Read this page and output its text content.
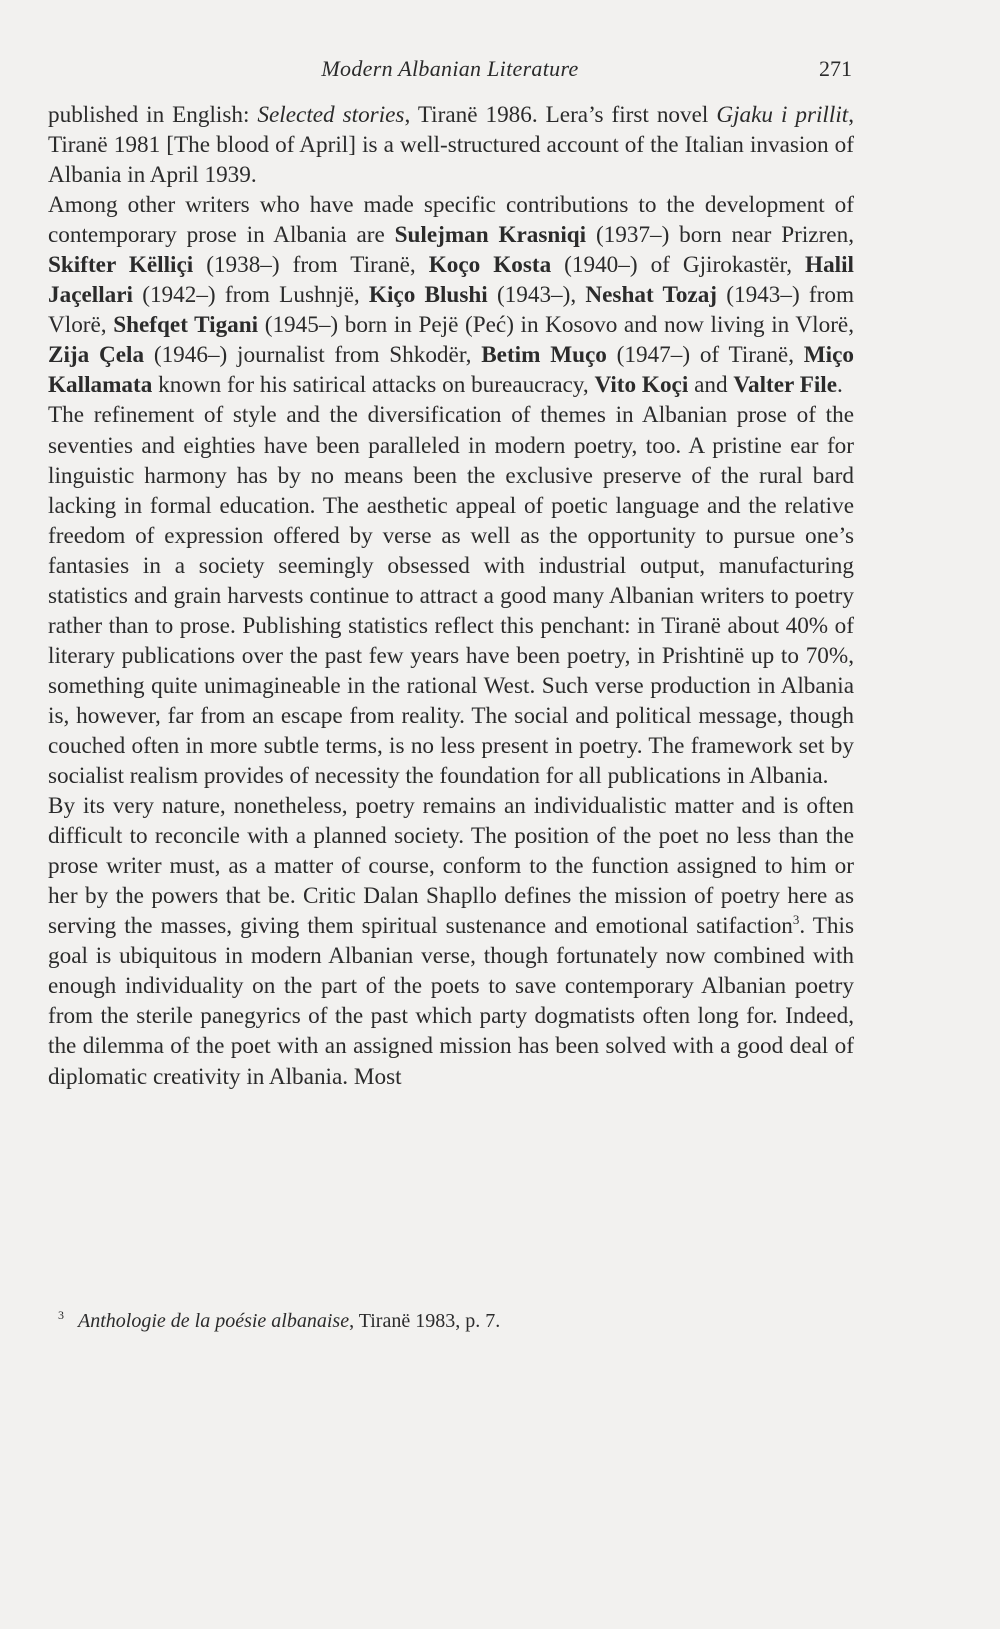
Modern Albanian Literature	271

published in English: Selected stories, Tiranë 1986. Lera’s first novel Gjaku i prillit, Tiranë 1981 [The blood of April] is a well-structured account of the Italian invasion of Albania in April 1939.

Among other writers who have made specific contributions to the development of contemporary prose in Albania are Sulejman Krasniqi (1937–) born near Prizren, Skifter Këlliçi (1938–) from Tiranë, Koço Kosta (1940–) of Gjirokastër, Halil Jaçellari (1942–) from Lushnjë, Kiço Blushi (1943–), Neshat Tozaj (1943–) from Vlorë, Shefqet Tigani (1945–) born in Pejë (Peć) in Kosovo and now living in Vlorë, Zija Çela (1946–) journalist from Shkodër, Betim Muço (1947–) of Tiranë, Miço Kallamata known for his satirical attacks on bureaucracy, Vito Koçi and Valter File.

The refinement of style and the diversification of themes in Albanian prose of the seventies and eighties have been paralleled in modern poetry, too. A pristine ear for linguistic harmony has by no means been the exclusive preserve of the rural bard lacking in formal education. The aesthetic appeal of poetic language and the relative freedom of expression offered by verse as well as the opportunity to pursue one’s fantasies in a society seemingly obsessed with industrial output, manufacturing statistics and grain harvests continue to attract a good many Albanian writers to poetry rather than to prose. Publishing statistics reflect this penchant: in Tiranë about 40% of literary publications over the past few years have been poetry, in Prishtinë up to 70%, something quite unimagineable in the rational West. Such verse production in Albania is, however, far from an escape from reality. The social and political message, though couched often in more subtle terms, is no less present in poetry. The framework set by socialist realism provides of necessity the foundation for all publications in Albania.

By its very nature, nonetheless, poetry remains an individualistic matter and is often difficult to reconcile with a planned society. The position of the poet no less than the prose writer must, as a matter of course, conform to the function assigned to him or her by the powers that be. Critic Dalan Shapllo defines the mission of poetry here as serving the masses, giving them spiritual sustenance and emotional satifaction$^3$. This goal is ubiquitous in modern Albanian verse, though fortunately now combined with enough individuality on the part of the poets to save contemporary Albanian poetry from the sterile panegyrics of the past which party dogmatists often long for. Indeed, the dilemma of the poet with an assigned mission has been solved with a good deal of diplomatic creativity in Albania. Most

$^3$ Anthologie de la poésie albanaise, Tiranë 1983, p. 7.
